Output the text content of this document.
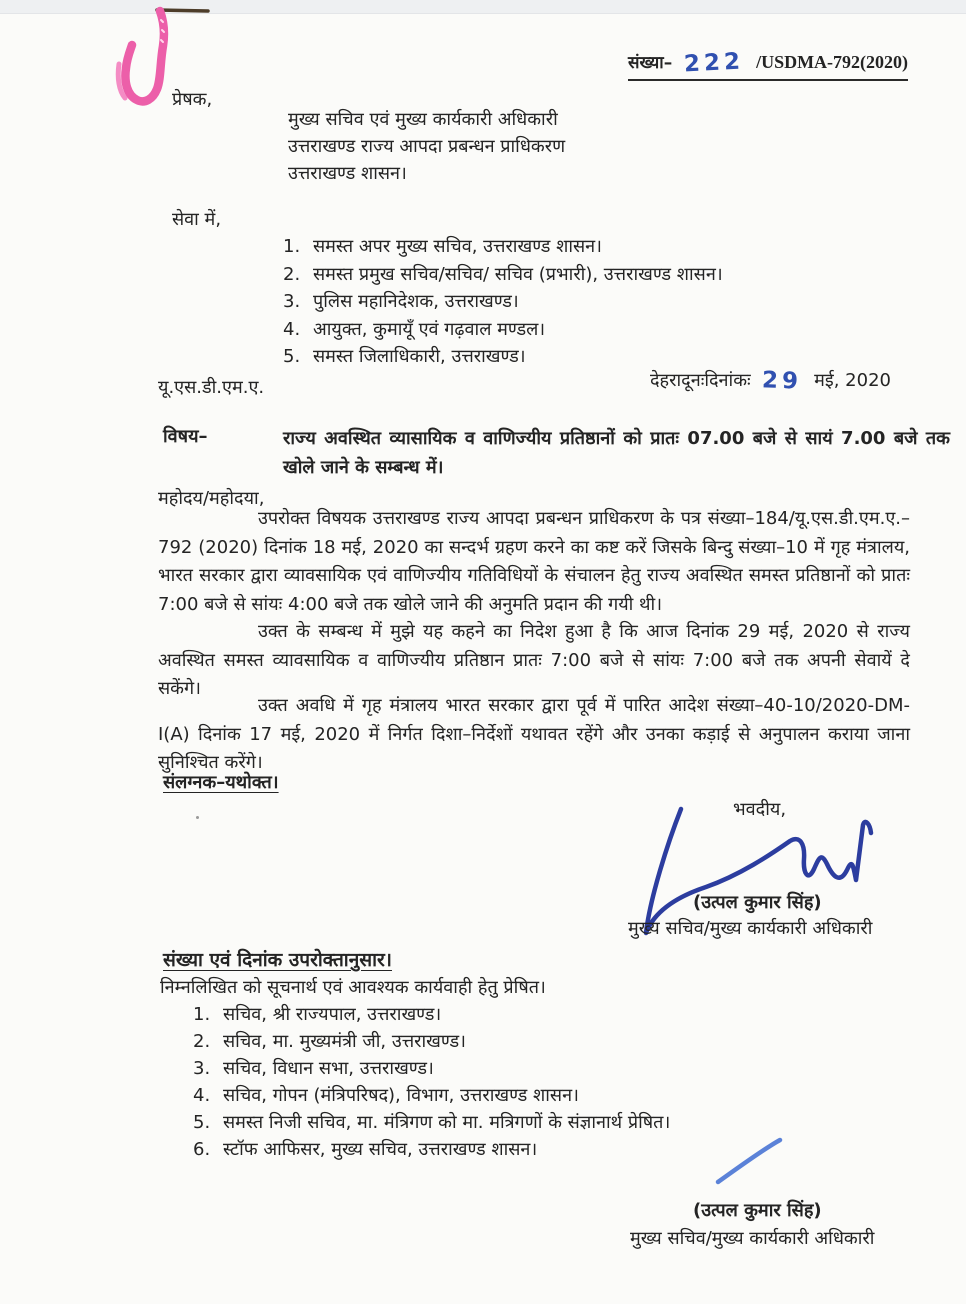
संख्या– 222 /USDMA-792(2020)
प्रेषक,
मुख्य सचिव एवं मुख्य कार्यकारी अधिकारी
उत्तराखण्ड राज्य आपदा प्रबन्धन प्राधिकरण
उत्तराखण्ड शासन।
सेवा में,
1. समस्त अपर मुख्य सचिव, उत्तराखण्ड शासन।
2. समस्त प्रमुख सचिव/सचिव/ सचिव (प्रभारी), उत्तराखण्ड शासन।
3. पुलिस महानिदेशक, उत्तराखण्ड।
4. आयुक्त, कुमायूँ एवं गढ़वाल मण्डल।
5. समस्त जिलाधिकारी, उत्तराखण्ड।
यू.एस.डी.एम.ए.	देहरादूनःदिनांकः 29 मई, 2020
विषय–	राज्य अवस्थित व्यासायिक व वाणिज्यीय प्रतिष्ठानों को प्रातः 07.00 बजे से सायं 7.00 बजे तक खोले जाने के सम्बन्ध में।
महोदय/महोदया,
उपरोक्त विषयक उत्तराखण्ड राज्य आपदा प्रबन्धन प्राधिकरण के पत्र संख्या–184/यू.एस.डी.एम.ए.–792 (2020) दिनांक 18 मई, 2020 का सन्दर्भ ग्रहण करने का कष्ट करें जिसके बिन्दु संख्या–10 में गृह मंत्रालय, भारत सरकार द्वारा व्यावसायिक एवं वाणिज्यीय गतिविधियों के संचालन हेतु राज्य अवस्थित समस्त प्रतिष्ठानों को प्रातः 7:00 बजे से सांयः 4:00 बजे तक खोले जाने की अनुमति प्रदान की गयी थी।
उक्त के सम्बन्ध में मुझे यह कहने का निदेश हुआ है कि आज दिनांक 29 मई, 2020 से राज्य अवस्थित समस्त व्यावसायिक व वाणिज्यीय प्रतिष्ठान प्रातः 7:00 बजे से सांयः 7:00 बजे तक अपनी सेवायें दे सकेंगे।
उक्त अवधि में गृह मंत्रालय भारत सरकार द्वारा पूर्व में पारित आदेश संख्या–40-10/2020-DM-I(A) दिनांक 17 मई, 2020 में निर्गत दिशा–निर्देशों यथावत रहेंगे और उनका कड़ाई से अनुपालन कराया जाना सुनिश्चित करेंगे।
संलग्नक–यथोक्त।
भवदीय,
(उत्पल कुमार सिंह)
मुख्य सचिव/मुख्य कार्यकारी अधिकारी
संख्या एवं दिनांक उपरोक्तानुसार।
निम्नलिखित को सूचनार्थ एवं आवश्यक कार्यवाही हेतु प्रेषित।
1. सचिव, श्री राज्यपाल, उत्तराखण्ड।
2. सचिव, मा. मुख्यमंत्री जी, उत्तराखण्ड।
3. सचिव, विधान सभा, उत्तराखण्ड।
4. सचिव, गोपन (मंत्रिपरिषद), विभाग, उत्तराखण्ड शासन।
5. समस्त निजी सचिव, मा. मंत्रिगण को मा. मत्रिगणों के संज्ञानार्थ प्रेषित।
6. स्टॉफ आफिसर, मुख्य सचिव, उत्तराखण्ड शासन।
(उत्पल कुमार सिंह)
मुख्य सचिव/मुख्य कार्यकारी अधिकारी
